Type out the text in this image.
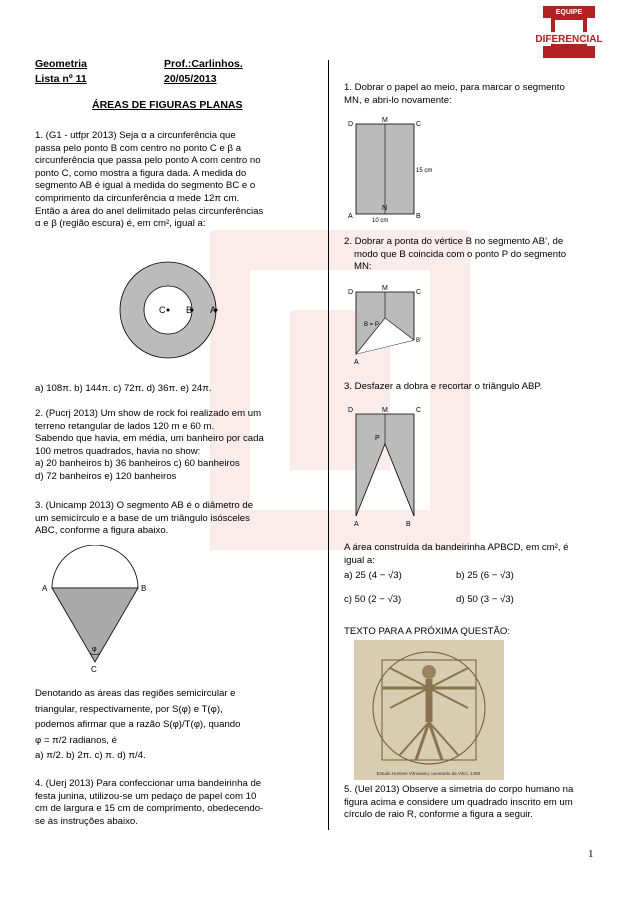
EQUIPE
DIFERENCIAL
Geometria	Prof.:Carlinhos.
Lista nº 11	20/05/2013
ÁREAS DE FIGURAS PLANAS

1. (G1 - utfpr 2013) Seja α a circunferência que

passa pelo ponto B com centro no ponto C e β a

circunferência que passa pelo ponto A com centro no

ponto C, como mostra a figura dada. A medida do

segmento AB é igual à medida do segmento BC e o

comprimento da circunferência α mede 12π cm.

Então a área do anel delimitado pelas circunferências

α e β (região escura) é, em cm², igual a:

C B A
a) 108π. b) 144π. c) 72π. d) 36π. e) 24π.

2. (Pucrj 2013) Um show de rock foi realizado em um

terreno retangular de lados 120 m e 60 m.

Sabendo que havia, em média, um banheiro por cada

100 metros quadrados, havia no show:

a) 20 banheiros b) 36 banheiros c) 60 banheiros

d) 72 banheiros e) 120 banheiros

3. (Unicamp 2013) O segmento AB é o diâmetro de

um semicírculo e a base de um triângulo isósceles

ABC, conforme a figura abaixo.

A	B
C
φ

Denotando as áreas das regiões semicircular e

triangular, respectivamente, por S(φ) e T(φ),

podemos afirmar que a razão S(φ)/T(φ), quando

φ = π/2 radianos, é

a) π/2. b) 2π. c) π. d) π/4.

4. (Uerj 2013) Para confeccionar uma bandeirinha de

festa junina, utilizou-se um pedaço de papel com 10

cm de largura e 15 cm de comprimento, obedecendo-

se às instruções abaixo.

1. Dobrar o papel ao meio, para marcar o segmento

MN, e abri-lo novamente:

D
M
C
15 cm
N
A
10 cm
B

2. Dobrar a ponta do vértice B no segmento AB’, de

modo que B coincida com o ponto P do segmento

MN:

D
M
C
B = P
B’
A
3. Desfazer a dobra e recortar o triângulo ABP.
D	M	C
P
A	B

A área construída da bandeirinha APBCD, em cm², é

igual a:

a) 25 (4 − √3)	b) 25 (6 − √3)
c) 50 (2 − √3)	d) 50 (3 − √3)
TEXTO PARA A PRÓXIMA QUESTÃO:
Estudo Homem Vitruviano, Leonardo da Vinci, 1490.

5. (Uel 2013) Observe a simetria do corpo humano na

figura acima e considere um quadrado inscrito em um

círculo de raio R, conforme a figura a seguir.

1
